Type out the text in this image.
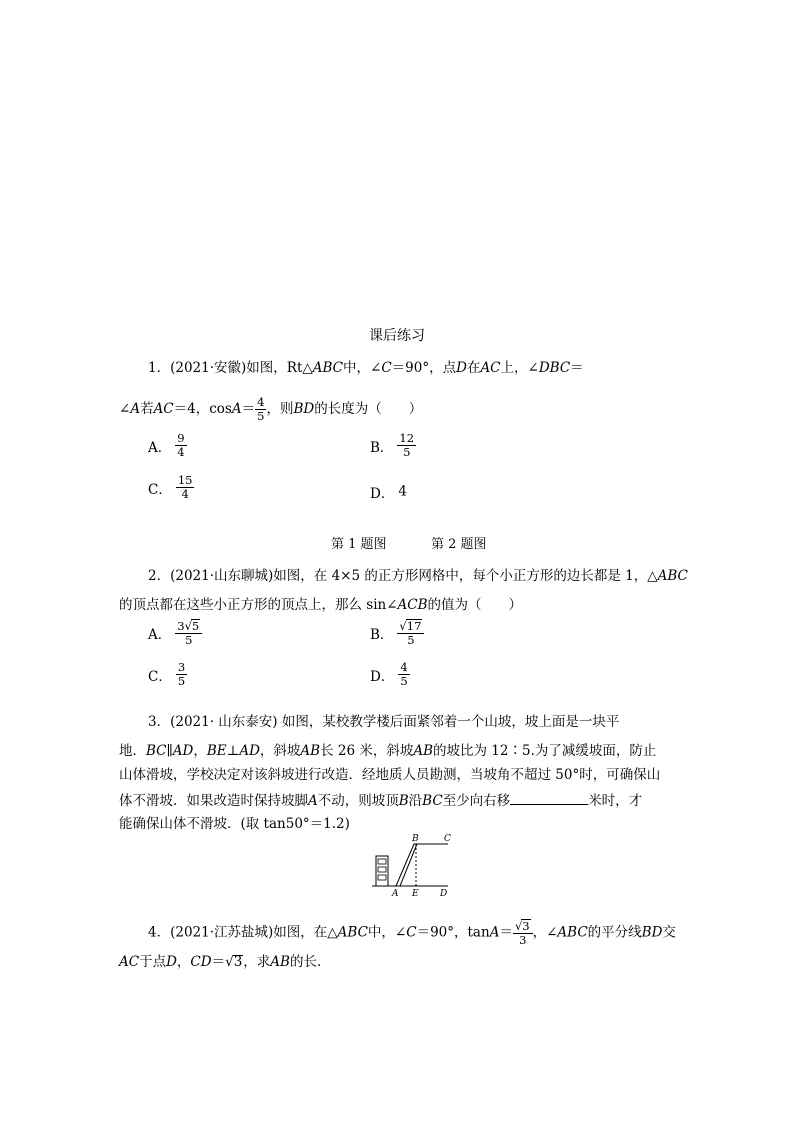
课后练习
1．(2021·安徽)如图，Rt△ABC中，∠C＝90°，点D在AC上，∠DBC＝
∠A若AC＝4，$\cos A= \frac{4}{5}$ ，则BD的长度为（　　）
A． $\frac{9}{4}$	B． $\frac{12}{5}$
C． $\frac{15}{4}$	D． 4
第 1 题图	第 2 题图
2．(2021·山东聊城)如图，在 4×5 的正方形网格中，每个小正方形的边长都是 1，△ABC
的顶点都在这些小正方形的顶点上，那么 sin∠ACB的值为（　　）
A． $\frac{3√5}{5}$	B． $\frac{√17}{5}$
C． $\frac{3}{5}$	D． $\frac{4}{5}$
3．(2021· 山东泰安) 如图，某校教学楼后面紧邻着一个山坡，坡上面是一块平
地．BC∥AD，BE⊥AD，斜坡AB长 26 米，斜坡AB的坡比为 12∶5.为了减缓坡面，防止
山体滑坡，学校决定对该斜坡进行改造．经地质人员勘测，当坡角不超过 50°时，可确保山
体不滑坡．如果改造时保持坡脚A不动，则坡顶B沿BC至少向右移	米时，才
能确保山体不滑坡．(取 tan50°＝1.2)
B	C
A E D
4．(2021·江苏盐城)如图，在△ABC中，∠C＝90°，$\tan A= \frac{√3}{3}$ ，∠ABC的平分线BD交
AC于点D，CD＝√3，求AB的长．
